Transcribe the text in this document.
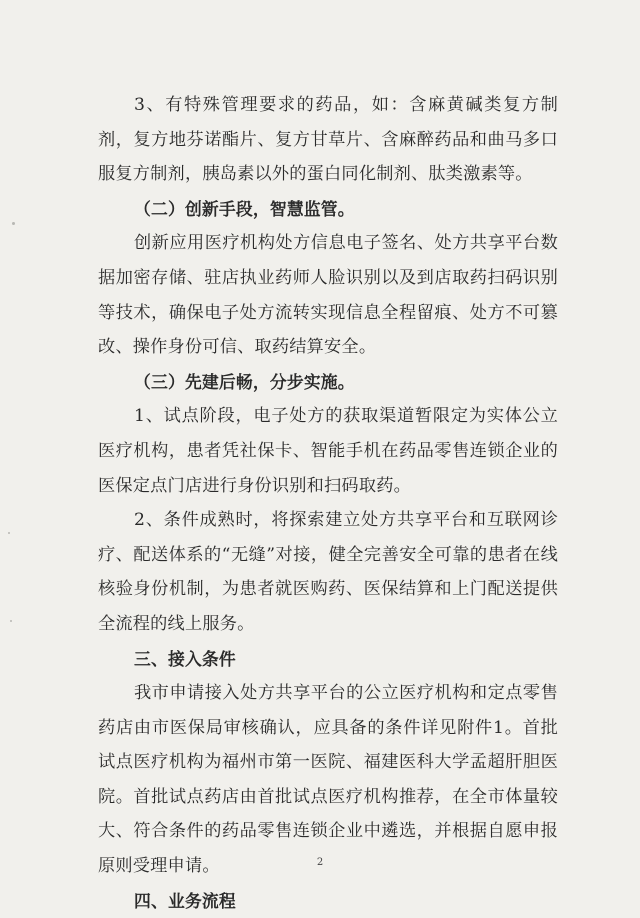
3、有特殊管理要求的药品，如：含麻黄碱类复方制剂，复方地芬诺酯片、复方甘草片、含麻醉药品和曲马多口服复方制剂，胰岛素以外的蛋白同化制剂、肽类激素等。

（二）创新手段，智慧监管。

创新应用医疗机构处方信息电子签名、处方共享平台数据加密存储、驻店执业药师人脸识别以及到店取药扫码识别等技术，确保电子处方流转实现信息全程留痕、处方不可篡改、操作身份可信、取药结算安全。

（三）先建后畅，分步实施。

1、试点阶段，电子处方的获取渠道暂限定为实体公立医疗机构，患者凭社保卡、智能手机在药品零售连锁企业的医保定点门店进行身份识别和扫码取药。

2、条件成熟时，将探索建立处方共享平台和互联网诊疗、配送体系的“无缝”对接，健全完善安全可靠的患者在线核验身份机制，为患者就医购药、医保结算和上门配送提供全流程的线上服务。

三、接入条件

我市申请接入处方共享平台的公立医疗机构和定点零售药店由市医保局审核确认，应具备的条件详见附件1。首批试点医疗机构为福州市第一医院、福建医科大学孟超肝胆医院。首批试点药店由首批试点医疗机构推荐，在全市体量较大、符合条件的药品零售连锁企业中遴选，并根据自愿申报原则受理申请。

四、业务流程

2
